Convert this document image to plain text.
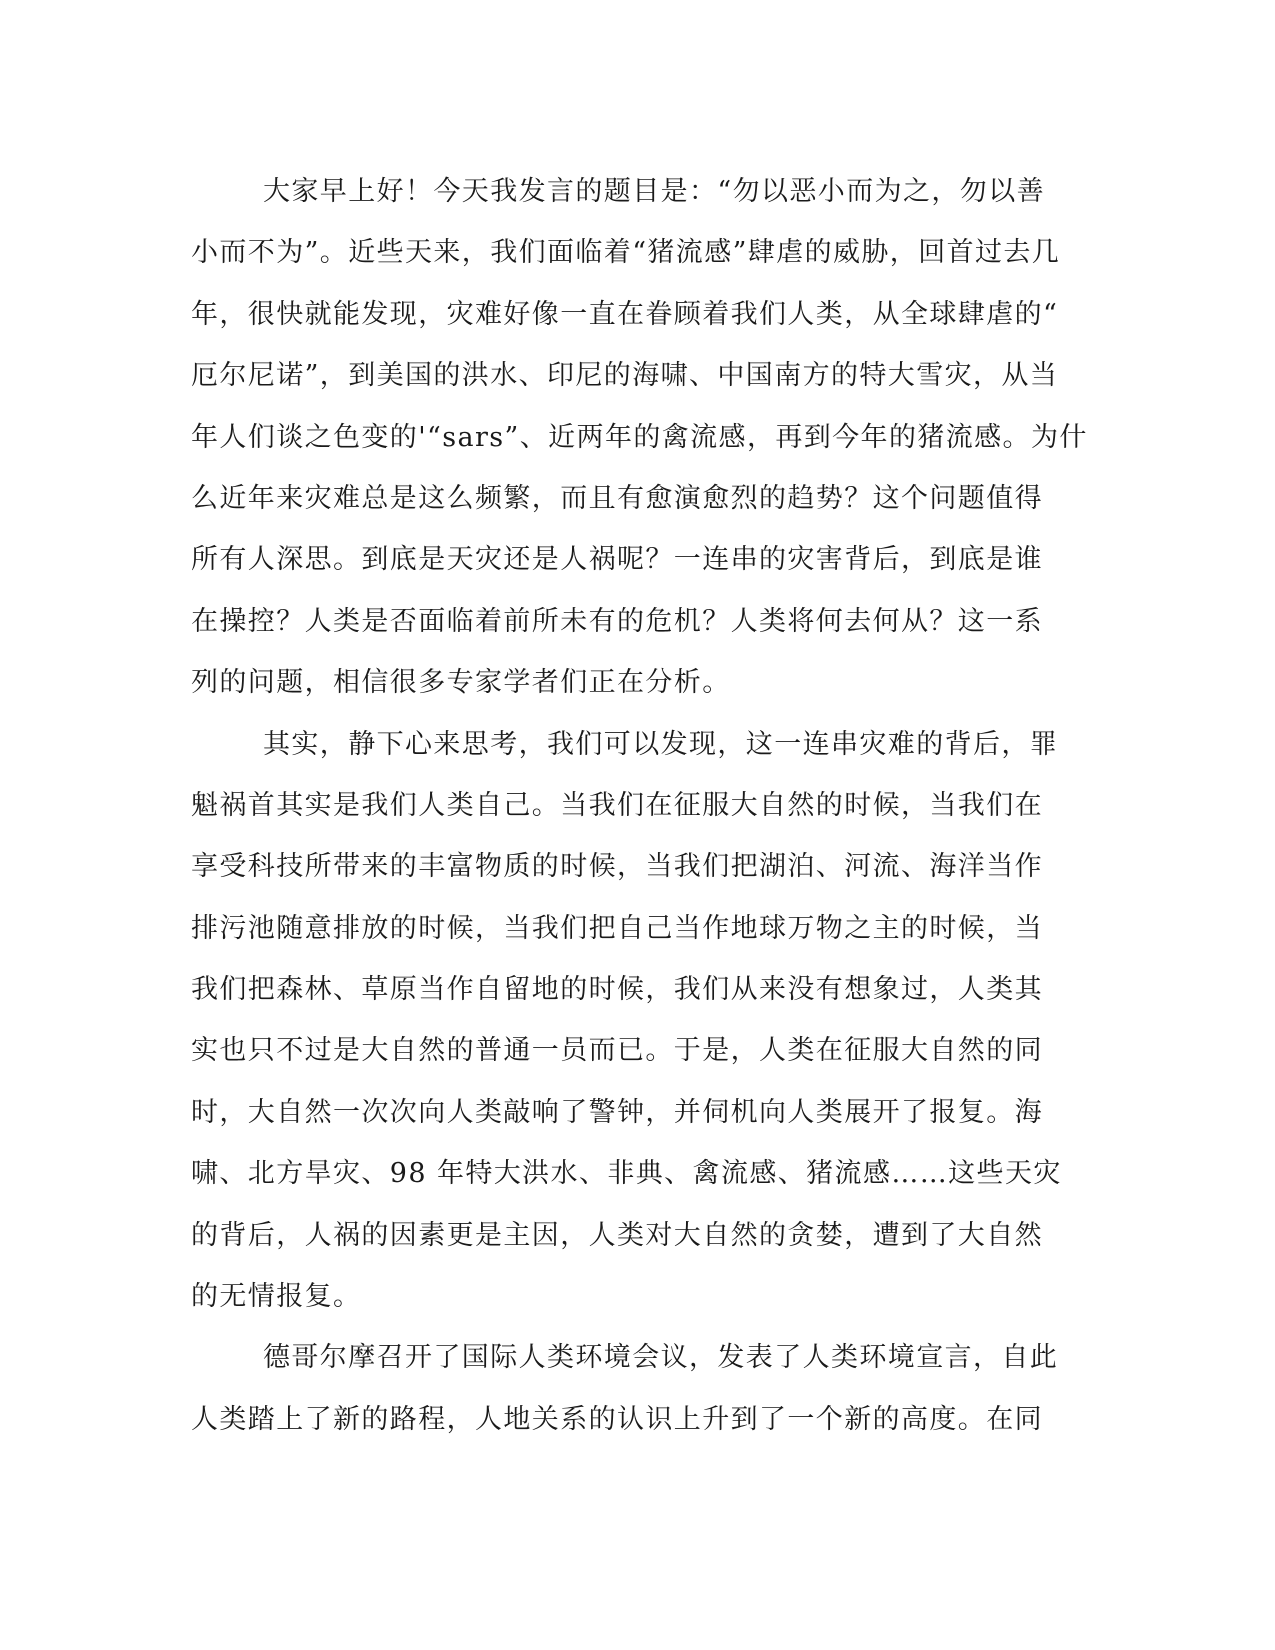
大家早上好！今天我发言的题目是：“勿以恶小而为之，勿以善

小而不为”。近些天来，我们面临着“猪流感”肆虐的威胁，回首过去几

年，很快就能发现，灾难好像一直在眷顾着我们人类，从全球肆虐的“

厄尔尼诺”，到美国的洪水、印尼的海啸、中国南方的特大雪灾，从当

年人们谈之色变的'“sars”、近两年的禽流感，再到今年的猪流感。为什

么近年来灾难总是这么频繁，而且有愈演愈烈的趋势？这个问题值得

所有人深思。到底是天灾还是人祸呢？一连串的灾害背后，到底是谁

在操控？人类是否面临着前所未有的危机？人类将何去何从？这一系

列的问题，相信很多专家学者们正在分析。

其实，静下心来思考，我们可以发现，这一连串灾难的背后，罪

魁祸首其实是我们人类自己。当我们在征服大自然的时候，当我们在

享受科技所带来的丰富物质的时候，当我们把湖泊、河流、海洋当作

排污池随意排放的时候，当我们把自己当作地球万物之主的时候，当

我们把森林、草原当作自留地的时候，我们从来没有想象过，人类其

实也只不过是大自然的普通一员而已。于是，人类在征服大自然的同

时，大自然一次次向人类敲响了警钟，并伺机向人类展开了报复。海

啸、北方旱灾、98 年特大洪水、非典、禽流感、猪流感……这些天灾

的背后，人祸的因素更是主因，人类对大自然的贪婪，遭到了大自然

的无情报复。

德哥尔摩召开了国际人类环境会议，发表了人类环境宣言，自此

人类踏上了新的路程，人地关系的认识上升到了一个新的高度。在同
